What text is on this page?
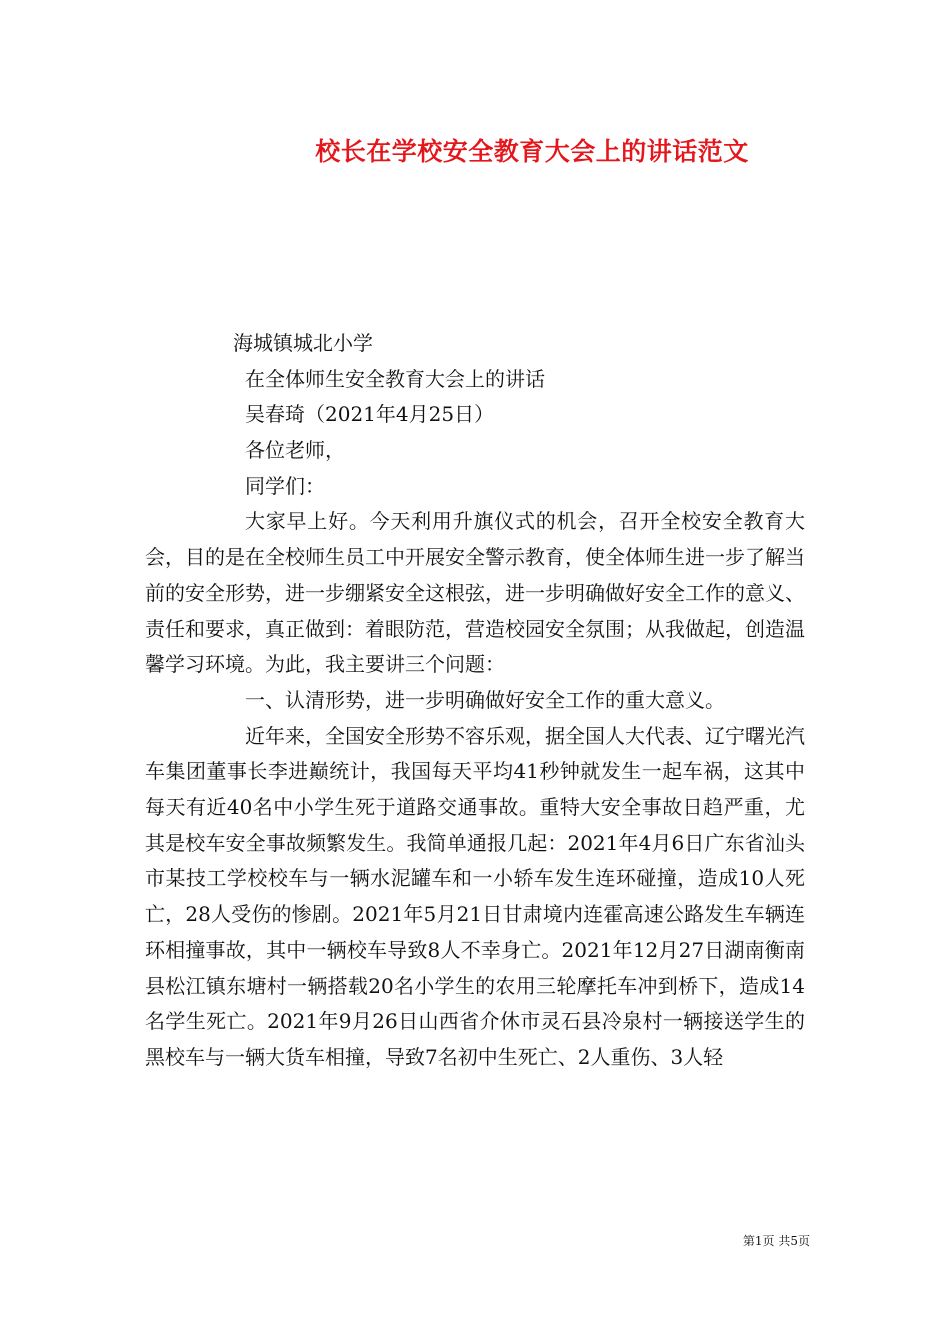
校长在学校安全教育大会上的讲话范文
海城镇城北小学
在全体师生安全教育大会上的讲话
吴春琦（2021年4月25日）
各位老师，
同学们：
大家早上好。今天利用升旗仪式的机会，召开全校安全教育大会，目的是在全校师生员工中开展安全警示教育，使全体师生进一步了解当前的安全形势，进一步绷紧安全这根弦，进一步明确做好安全工作的意义、责任和要求，真正做到：着眼防范，营造校园安全氛围；从我做起，创造温馨学习环境。为此，我主要讲三个问题：
一、认清形势，进一步明确做好安全工作的重大意义。
近年来，全国安全形势不容乐观，据全国人大代表、辽宁曙光汽车集团董事长李进巅统计，我国每天平均41秒钟就发生一起车祸，这其中每天有近40名中小学生死于道路交通事故。重特大安全事故日趋严重，尤其是校车安全事故频繁发生。我简单通报几起：2021年4月6日广东省汕头市某技工学校校车与一辆水泥罐车和一小轿车发生连环碰撞，造成10人死亡，28人受伤的惨剧。2021年5月21日甘肃境内连霍高速公路发生车辆连环相撞事故，其中一辆校车导致8人不幸身亡。2021年12月27日湖南衡南县松江镇东塘村一辆搭载20名小学生的农用三轮摩托车冲到桥下，造成14名学生死亡。2021年9月26日山西省介休市灵石县冷泉村一辆接送学生的黑校车与一辆大货车相撞，导致7名初中生死亡、2人重伤、3人轻
第1页 共5页
